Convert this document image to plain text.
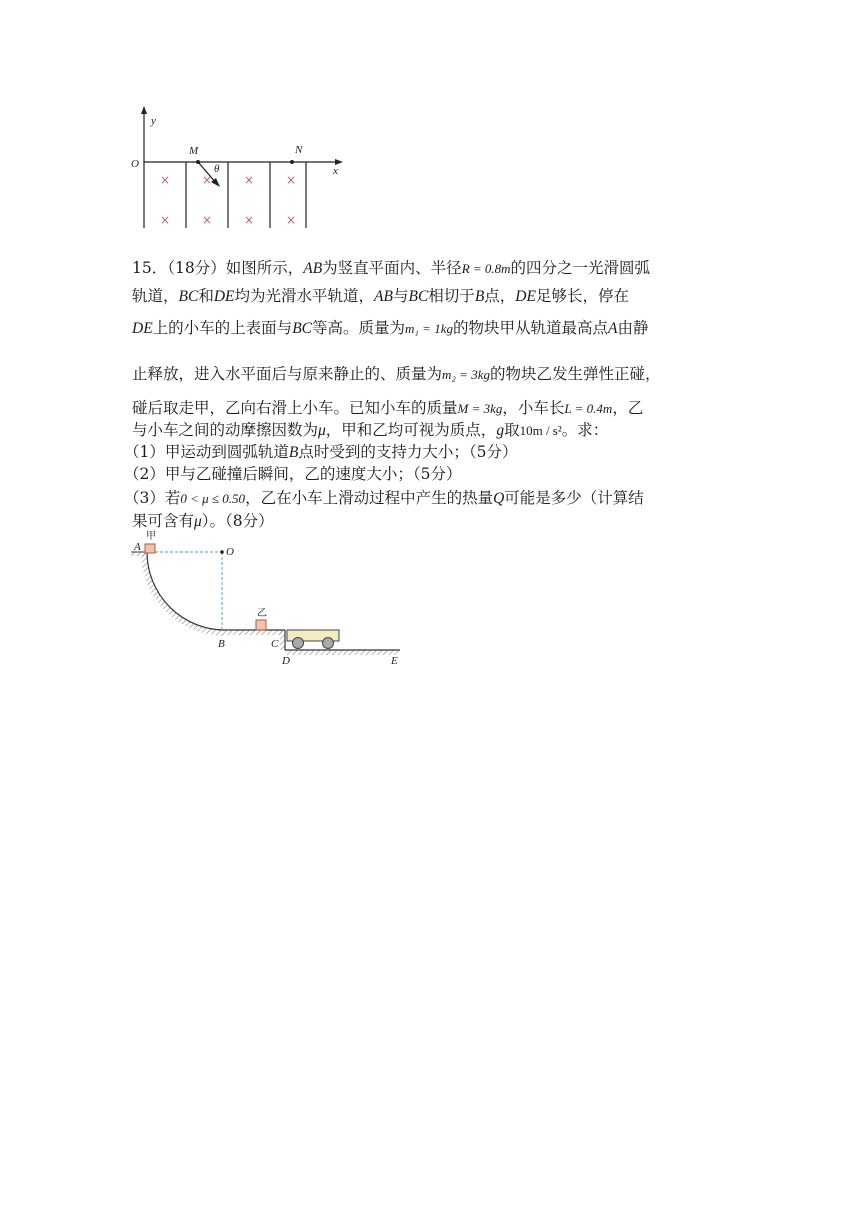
y
x
O
M	N
θ
×	×	×	×
×	×	×	×
15．（18分）如图所示，AB为竖直平面内、半径R = 0.8m的四分之一光滑圆弧
轨道，BC和DE均为光滑水平轨道，AB与BC相切于B点，DE足够长，停在
DE上的小车的上表面与BC等高。质量为m₁ = 1kg的物块甲从轨道最高点A由静
止释放，进入水平面后与原来静止的、质量为m₂ = 3kg的物块乙发生弹性正碰，
碰后取走甲，乙向右滑上小车。已知小车的质量M = 3kg，小车长L = 0.4m，乙
与小车之间的动摩擦因数为μ，甲和乙均可视为质点，g取10m / s²。求：
（1）甲运动到圆弧轨道B点时受到的支持力大小；（5分）
（2）甲与乙碰撞后瞬间，乙的速度大小；（5分）
（3）若0 < μ ≤ 0.50，乙在小车上滑动过程中产生的热量Q可能是多少（计算结
果可含有μ）。（8分）
甲
A	O
乙
B	C
D	E
